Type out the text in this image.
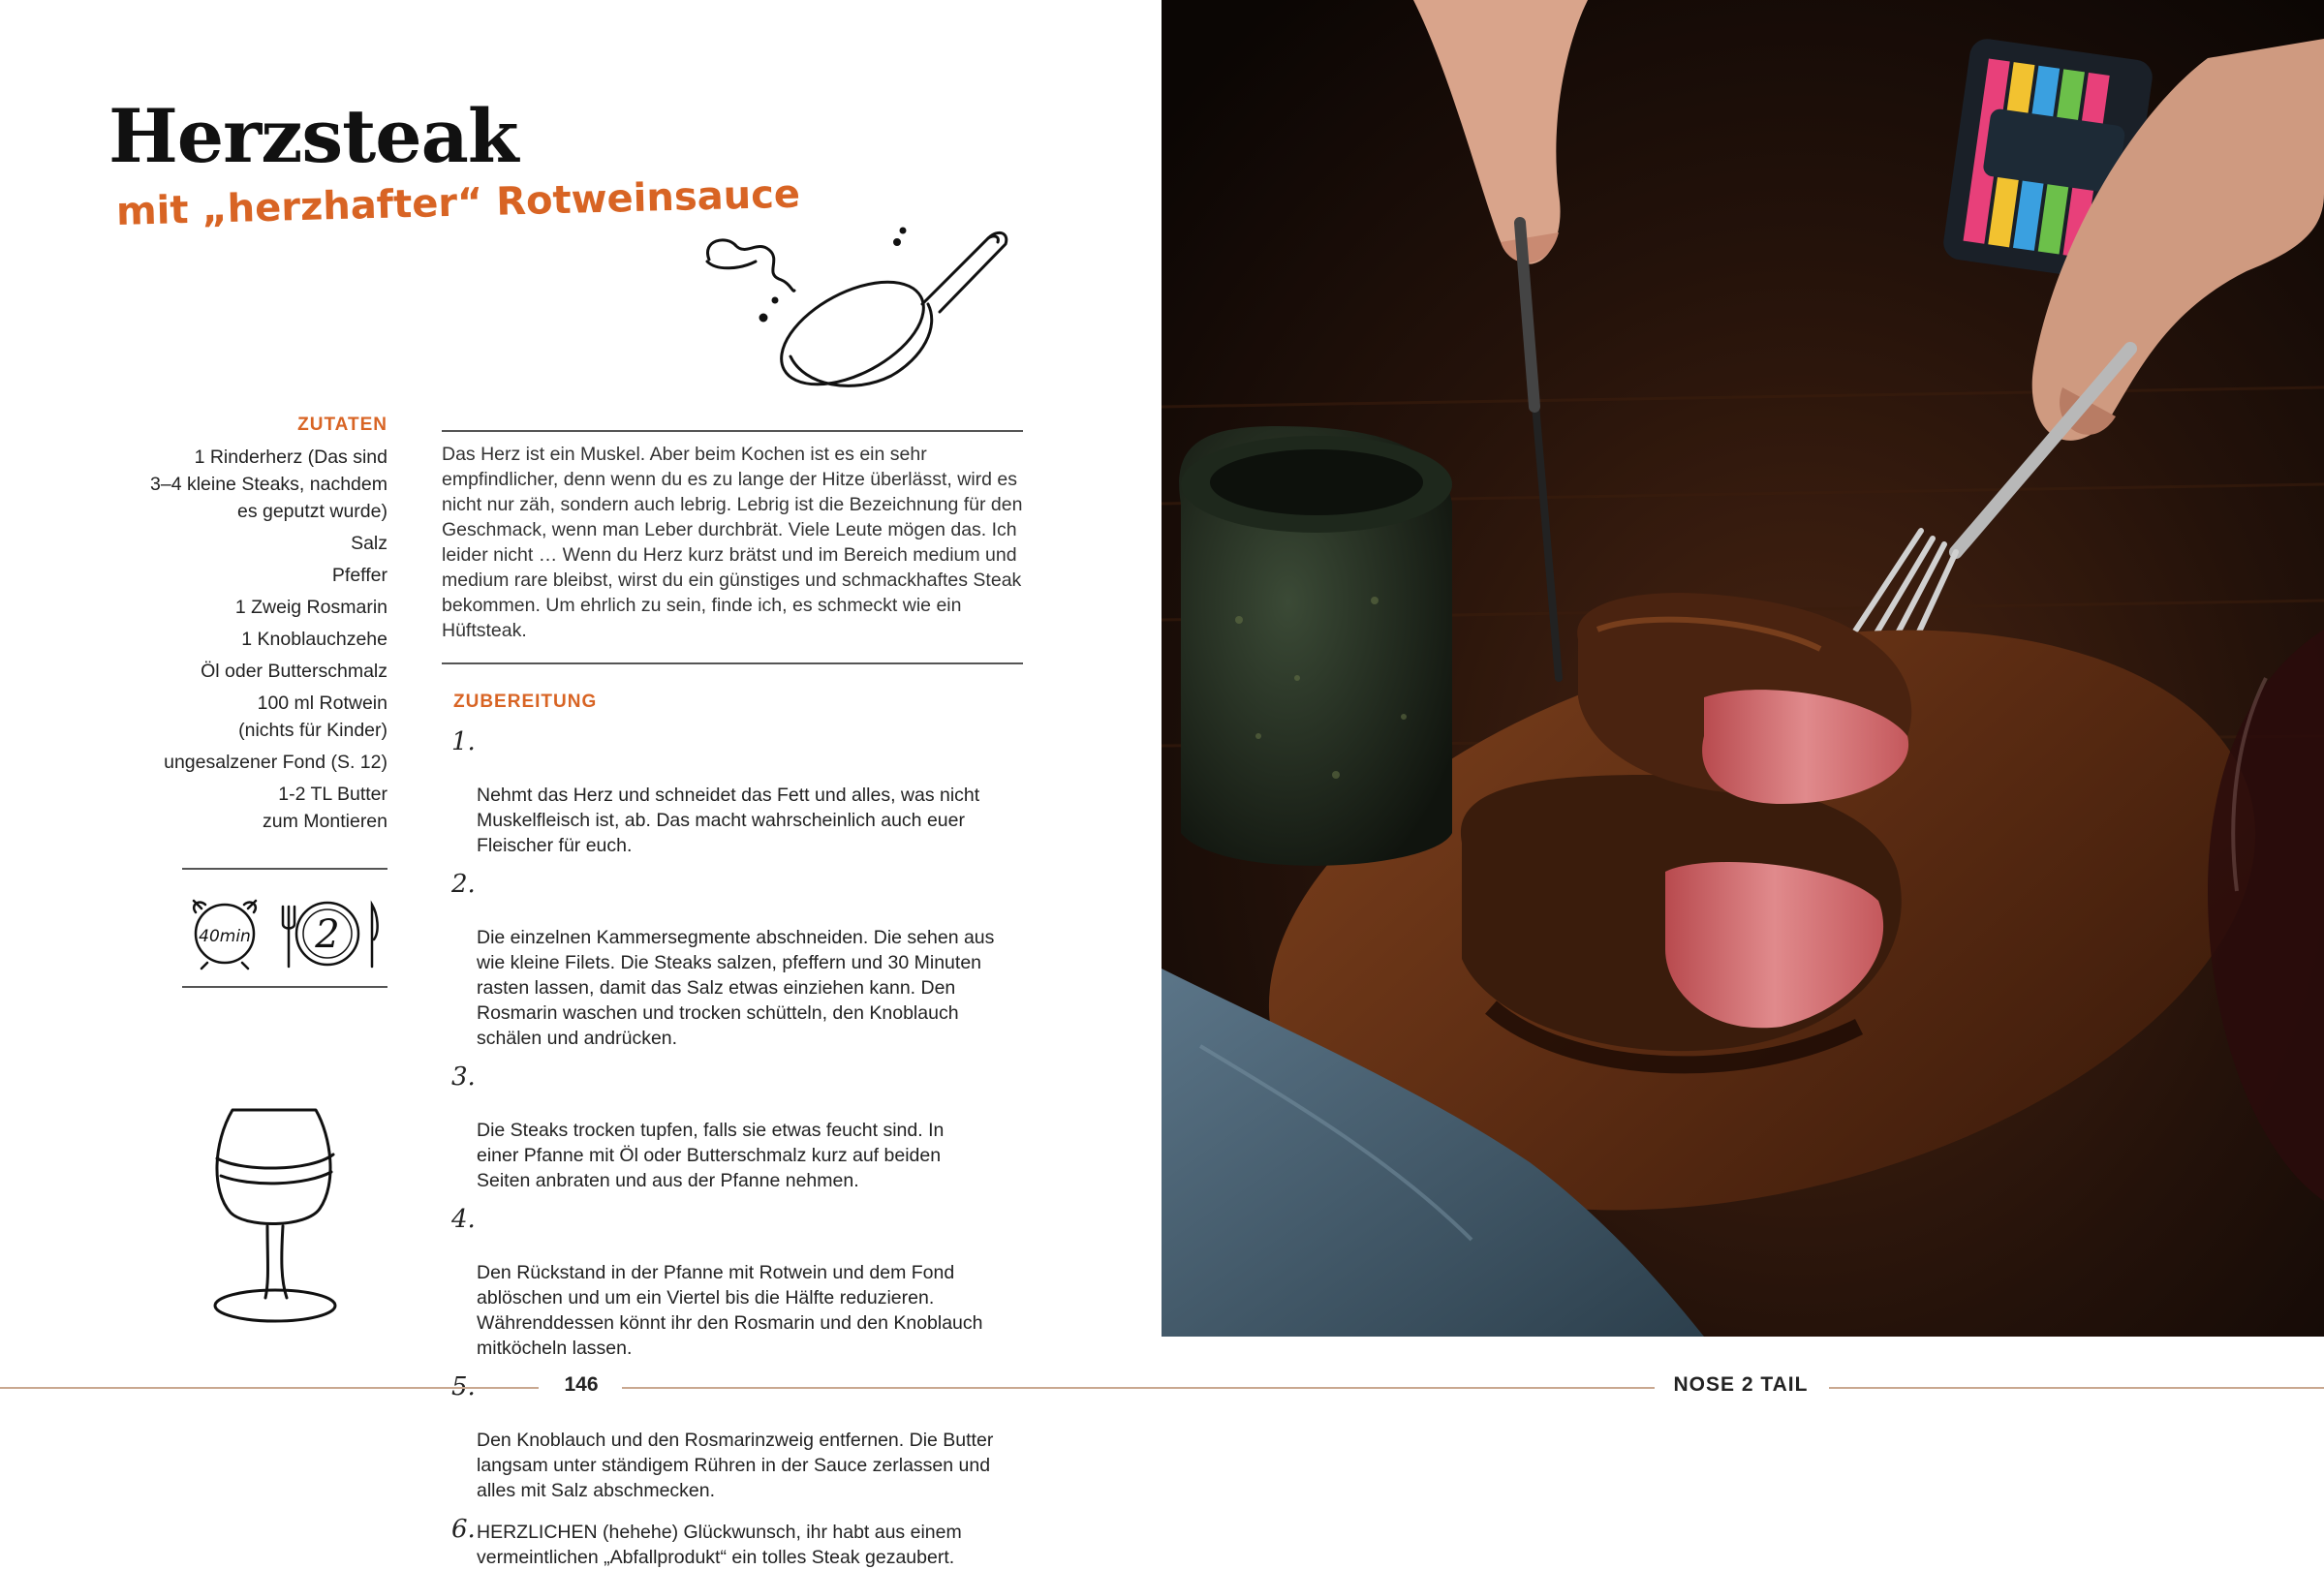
Herzsteak
mit „herzhafter“ Rotweinsauce
ZUTATEN
1 Rinderherz (Das sind
3–4 kleine Steaks, nachdem
es geputzt wurde)
Salz
Pfeffer
1 Zweig Rosmarin
1 Knoblauchzehe
Öl oder Butterschmalz
100 ml Rotwein
(nichts für Kinder)
ungesalzener Fond (S. 12)
1-2 TL Butter
zum Montieren
40min 2

Das Herz ist ein Muskel. Aber beim Kochen ist es ein sehr empfindlicher, denn wenn du es zu lange der Hitze überlässt, wird es nicht nur zäh, sondern auch lebrig. Lebrig ist die Bezeichnung für den Geschmack, wenn man Leber durchbrät. Viele Leute mögen das. Ich leider nicht … Wenn du Herz kurz brätst und im Bereich medium und medium rare bleibst, wirst du ein günstiges und schmackhaftes Steak bekommen. Um ehrlich zu sein, finde ich, es schmeckt wie ein Hüftsteak.

ZUBEREITUNG

1.

Nehmt das Herz und schneidet das Fett und alles, was nicht
Muskelfleisch ist, ab. Das macht wahrscheinlich auch euer
Fleischer für euch.

2.

Die einzelnen Kammersegmente abschneiden. Die sehen aus
wie kleine Filets. Die Steaks salzen, pfeffern und 30 Minuten
rasten lassen, damit das Salz etwas einziehen kann. Den
Rosmarin waschen und trocken schütteln, den Knoblauch
schälen und andrücken.

3.

Die Steaks trocken tupfen, falls sie etwas feucht sind. In
einer Pfanne mit Öl oder Butterschmalz kurz auf beiden
Seiten anbraten und aus der Pfanne nehmen.

4.

Den Rückstand in der Pfanne mit Rotwein und dem Fond
ablöschen und um ein Viertel bis die Hälfte reduzieren.
Währenddessen könnt ihr den Rosmarin und den Knoblauch
mitköcheln lassen.

5.

Den Knoblauch und den Rosmarinzweig entfernen. Die Butter
langsam unter ständigem Rühren in der Sauce zerlassen und
alles mit Salz abschmecken.

6. HERZLICHEN (hehehe) Glückwunsch, ihr habt aus einem vermeintlichen „Abfallprodukt“ ein tolles Steak gezaubert.
146	NOSE 2 TAIL
